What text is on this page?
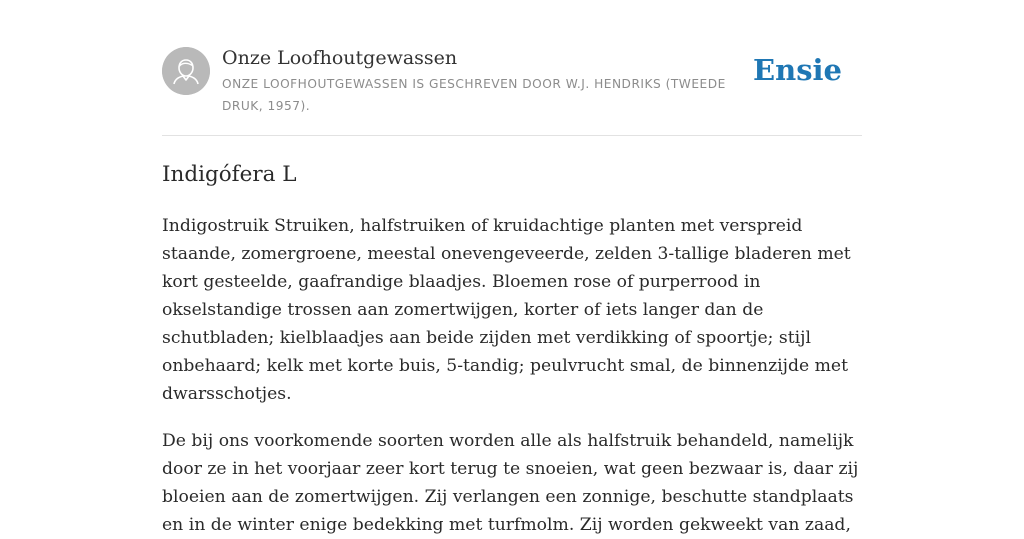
Onze Loofhoutgewassen
ONZE LOOFHOUTGEWASSEN IS GESCHREVEN DOOR W.J. HENDRIKS (TWEEDE DRUK, 1957).
Ensie
Indigófera L

Indigostruik Struiken, halfstruiken of kruidachtige planten met verspreid staande, zomergroene, meestal onevengeveerde, zelden 3-tallige bladeren met kort gesteelde, gaafrandige blaadjes. Bloemen rose of purperrood in okselstandige trossen aan zomertwijgen, korter of iets langer dan de schutbladen; kielblaadjes aan beide zijden met verdikking of spoortje; stijl onbehaard; kelk met korte buis, 5-tandig; peulvrucht smal, de binnenzijde met dwarsschotjes.

De bij ons voorkomende soorten worden alle als halfstruik behandeld, namelijk door ze in het voorjaar zeer kort terug te snoeien, wat geen bezwaar is, daar zij bloeien aan de zomertwijgen. Zij verlangen een zonnige, beschutte standplaats en in de winter enige bedekking met turfmolm. Zij worden gekweekt van zaad,
